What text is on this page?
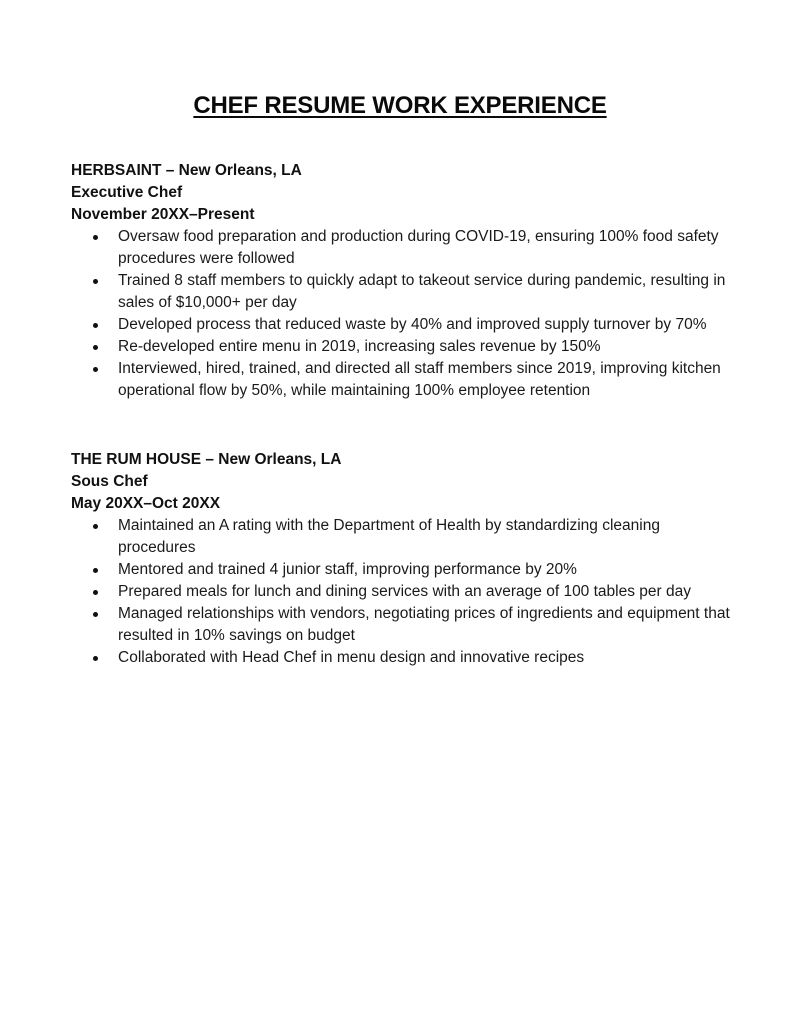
CHEF RESUME WORK EXPERIENCE
HERBSAINT – New Orleans, LA
Executive Chef
November 20XX–Present
Oversaw food preparation and production during COVID-19, ensuring 100% food safety procedures were followed
Trained 8 staff members to quickly adapt to takeout service during pandemic, resulting in sales of $10,000+ per day
Developed process that reduced waste by 40% and improved supply turnover by 70%
Re-developed entire menu in 2019, increasing sales revenue by 150%
Interviewed, hired, trained, and directed all staff members since 2019, improving kitchen operational flow by 50%, while maintaining 100% employee retention
THE RUM HOUSE – New Orleans, LA
Sous Chef
May 20XX–Oct 20XX
Maintained an A rating with the Department of Health by standardizing cleaning procedures
Mentored and trained 4 junior staff, improving performance by 20%
Prepared meals for lunch and dining services with an average of 100 tables per day
Managed relationships with vendors, negotiating prices of ingredients and equipment that resulted in 10% savings on budget
Collaborated with Head Chef in menu design and innovative recipes
